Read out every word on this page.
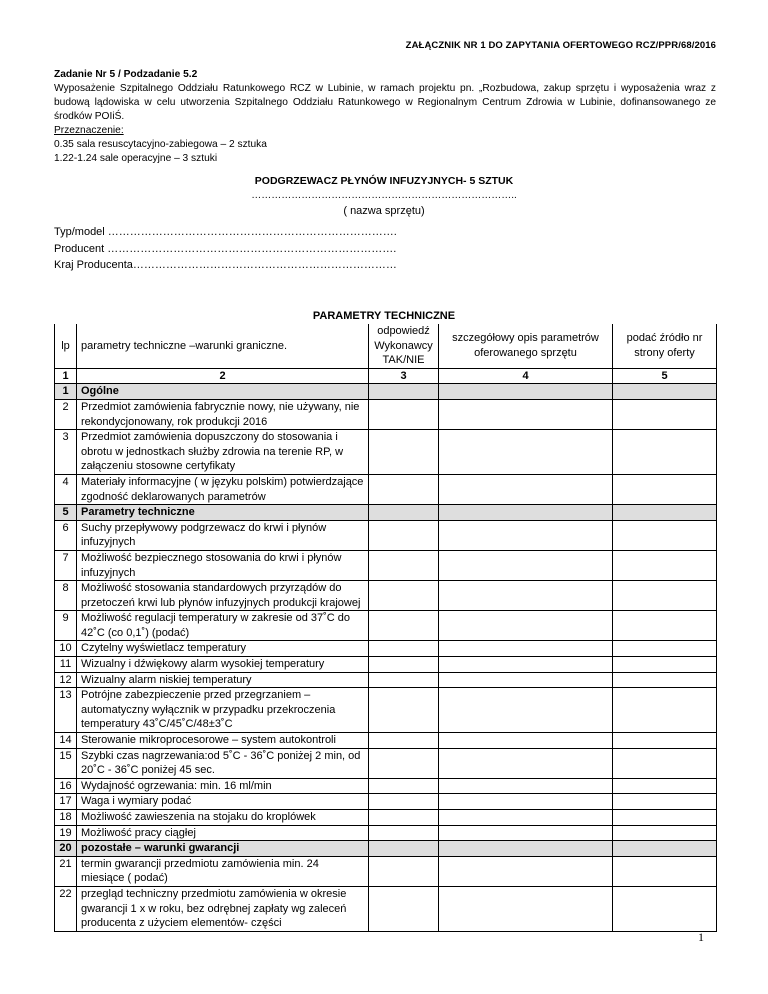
ZAŁĄCZNIK NR 1 DO ZAPYTANIA OFERTOWEGO RCZ/PPR/68/2016
Zadanie Nr 5 / Podzadanie 5.2
Wyposażenie Szpitalnego Oddziału Ratunkowego RCZ w Lubinie, w ramach projektu pn. „Rozbudowa, zakup sprzętu i wyposażenia wraz z budową lądowiska w celu utworzenia Szpitalnego Oddziału Ratunkowego w Regionalnym Centrum Zdrowia w Lubinie, dofinansowanego ze środków POIiŚ.
Przeznaczenie:
0.35 sala resuscytacyjno-zabiegowa – 2 sztuka
1.22-1.24 sale operacyjne – 3 sztuki
PODGRZEWACZ PŁYNÓW INFUZYJNYCH- 5 SZTUK
……………………………………………………………………..
( nazwa sprzętu)
Typ/model …………………………………………………………………….
Producent …………………………………………………………………….
Kraj Producenta………………………………………………………………
PARAMETRY TECHNICZNE
lp	parametry techniczne –warunki graniczne.	odpowiedź Wykonawcy TAK/NIE	szczegółowy opis parametrów oferowanego sprzętu	podać źródło nr strony oferty
1	2	3	4	5
1	Ogólne			
2	Przedmiot zamówienia fabrycznie nowy, nie używany, nie rekondycjonowany, rok produkcji 2016			
3	Przedmiot zamówienia dopuszczony do stosowania i obrotu w jednostkach służby zdrowia na terenie RP, w załączeniu stosowne certyfikaty			
4	Materiały informacyjne ( w języku polskim) potwierdzające zgodność deklarowanych parametrów			
5	Parametry techniczne			
6	Suchy przepływowy podgrzewacz do krwi i płynów infuzyjnych			
7	Możliwość bezpiecznego stosowania do krwi i płynów infuzyjnych			
8	Możliwość stosowania standardowych przyrządów do przetoczeń krwi lub płynów infuzyjnych produkcji krajowej			
9	Możliwość regulacji temperatury w zakresie od 37˚C do 42˚C (co 0,1˚) (podać)			
10	Czytelny wyświetlacz temperatury			
11	Wizualny i dźwiękowy alarm wysokiej temperatury			
12	Wizualny alarm niskiej temperatury			
13	Potrójne zabezpieczenie przed przegrzaniem – automatyczny wyłącznik w przypadku przekroczenia temperatury 43˚C/45˚C/48±3˚C			
14	Sterowanie mikroprocesorowe – system autokontroli			
15	Szybki czas nagrzewania:od 5˚C - 36˚C poniżej 2 min, od 20˚C - 36˚C poniżej 45 sec.			
16	Wydajność ogrzewania: min. 16 ml/min			
17	Waga i wymiary podać			
18	Możliwość zawieszenia na stojaku do kroplówek			
19	Możliwość pracy ciągłej			
20	pozostałe – warunki gwarancji			
21	termin gwarancji przedmiotu zamówienia min. 24 miesiące ( podać)			
22	przegląd techniczny przedmiotu zamówienia w okresie gwarancji 1 x w roku, bez odrębnej zapłaty wg zaleceń producenta z użyciem elementów- części			
1
